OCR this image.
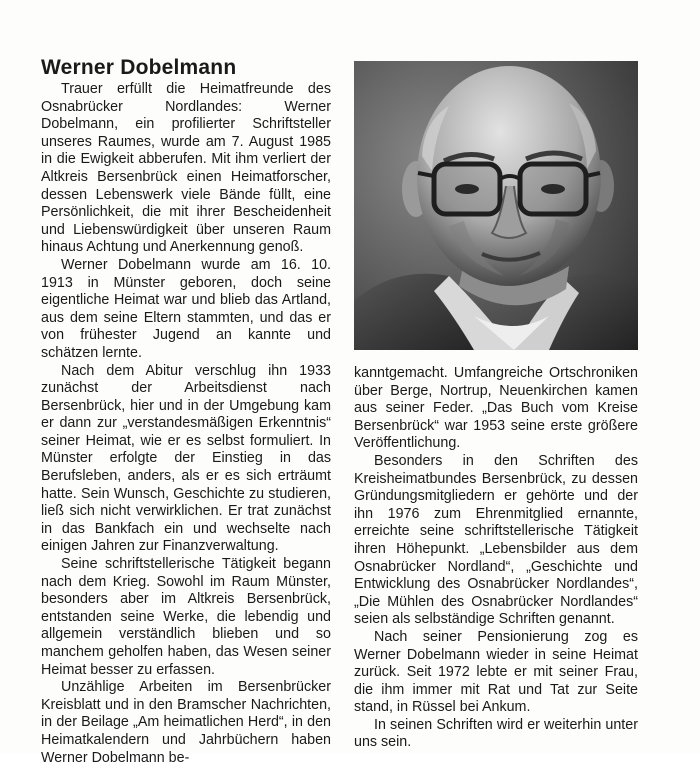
Werner Dobelmann

Trauer erfüllt die Heimatfreunde des Osnabrücker Nordlandes: Werner Dobelmann, ein profilierter Schriftsteller unseres Raumes, wurde am 7. August 1985 in die Ewigkeit abberufen. Mit ihm verliert der Altkreis Bersenbrück einen Heimatforscher, dessen Lebenswerk viele Bände füllt, eine Persönlichkeit, die mit ihrer Bescheidenheit und Liebenswürdigkeit über unseren Raum hinaus Achtung und Anerkennung genoß.

Werner Dobelmann wurde am 16. 10. 1913 in Münster geboren, doch seine eigentliche Heimat war und blieb das Artland, aus dem seine Eltern stammten, und das er von frühester Jugend an kannte und schätzen lernte.

Nach dem Abitur verschlug ihn 1933 zunächst der Arbeitsdienst nach Bersenbrück, hier und in der Umgebung kam er dann zur „verstandesmäßigen Erkenntnis“ seiner Heimat, wie er es selbst formuliert. In Münster erfolgte der Einstieg in das Berufsleben, anders, als er es sich erträumt hatte. Sein Wunsch, Geschichte zu studieren, ließ sich nicht verwirklichen. Er trat zunächst in das Bankfach ein und wechselte nach einigen Jahren zur Finanzverwaltung.

Seine schriftstellerische Tätigkeit begann nach dem Krieg. Sowohl im Raum Münster, besonders aber im Altkreis Bersenbrück, entstanden seine Werke, die lebendig und allgemein verständlich blieben und so manchem geholfen haben, das Wesen seiner Heimat besser zu erfassen.

Unzählige Arbeiten im Bersenbrücker Kreisblatt und in den Bramscher Nachrichten, in der Beilage „Am heimatlichen Herd“, in den Heimatkalendern und Jahrbüchern haben Werner Dobelmann be-

kanntgemacht. Umfangreiche Ortschroniken über Berge, Nortrup, Neuenkirchen kamen aus seiner Feder. „Das Buch vom Kreise Bersenbrück“ war 1953 seine erste größere Veröffentlichung.

Besonders in den Schriften des Kreisheimatbundes Bersenbrück, zu dessen Gründungsmitgliedern er gehörte und der ihn 1976 zum Ehrenmitglied ernannte, erreichte seine schriftstellerische Tätigkeit ihren Höhepunkt. „Lebensbilder aus dem Osnabrücker Nordland“, „Geschichte und Entwicklung des Osnabrücker Nordlandes“, „Die Mühlen des Osnabrücker Nordlandes“ seien als selbständige Schriften genannt.

Nach seiner Pensionierung zog es Werner Dobelmann wieder in seine Heimat zurück. Seit 1972 lebte er mit seiner Frau, die ihm immer mit Rat und Tat zur Seite stand, in Rüssel bei Ankum.

In seinen Schriften wird er weiterhin unter uns sein.
